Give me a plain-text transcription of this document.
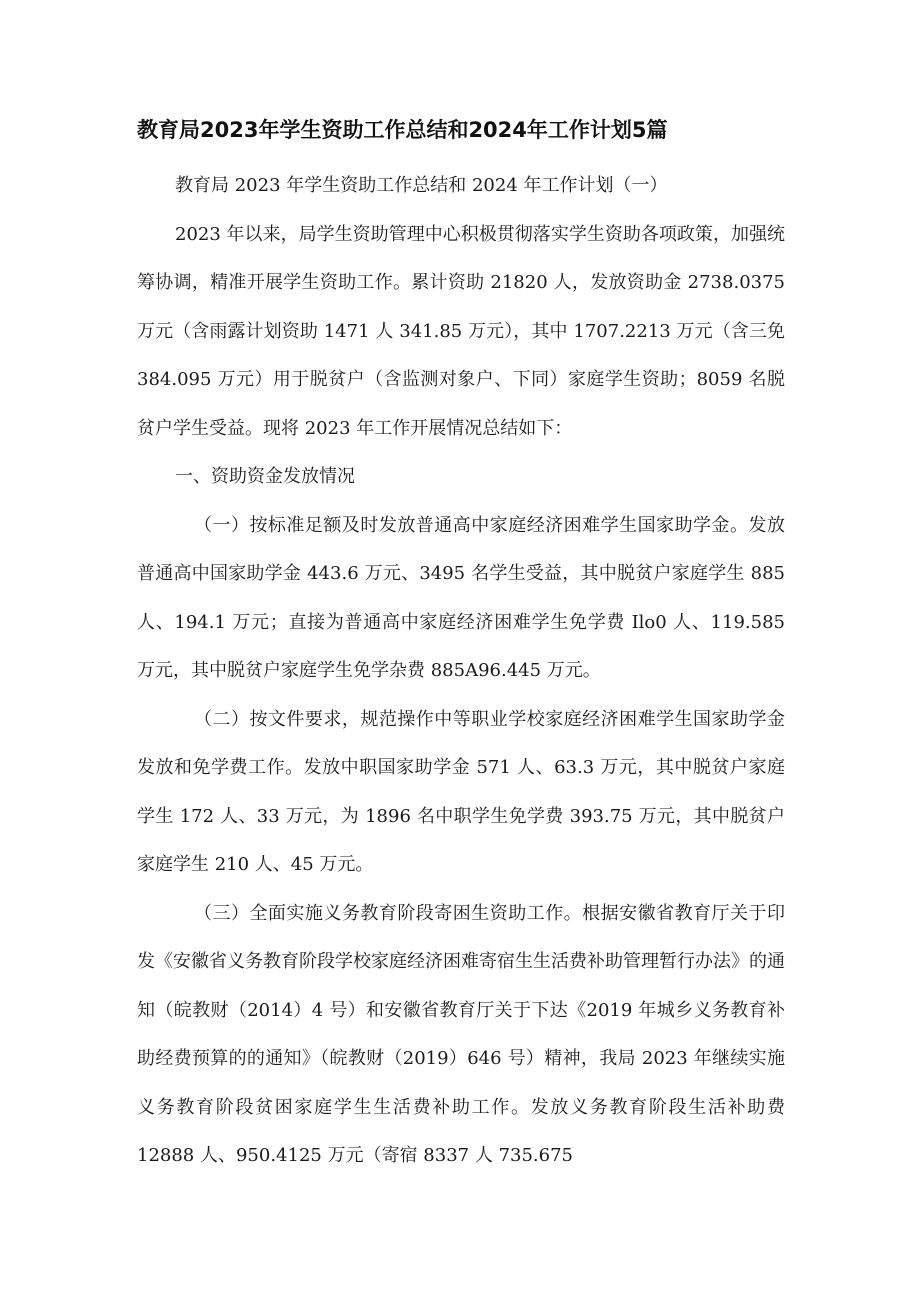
教育局2023年学生资助工作总结和2024年工作计划5篇

教育局 2023 年学生资助工作总结和 2024 年工作计划（一）

2023 年以来，局学生资助管理中心积极贯彻落实学生资助各项政策，加强统筹协调，精准开展学生资助工作。累计资助 21820 人，发放资助金 2738.0375 万元（含雨露计划资助 1471 人 341.85 万元），其中 1707.2213 万元（含三免 384.095 万元）用于脱贫户（含监测对象户、下同）家庭学生资助；8059 名脱贫户学生受益。现将 2023 年工作开展情况总结如下：

一、资助资金发放情况

（一）按标准足额及时发放普通高中家庭经济困难学生国家助学金。发放普通高中国家助学金 443.6 万元、3495 名学生受益，其中脱贫户家庭学生 885 人、194.1 万元；直接为普通高中家庭经济困难学生免学费 Ilo0 人、119.585 万元，其中脱贫户家庭学生免学杂费 885A96.445 万元。

（二）按文件要求，规范操作中等职业学校家庭经济困难学生国家助学金发放和免学费工作。发放中职国家助学金 571 人、63.3 万元，其中脱贫户家庭学生 172 人、33 万元，为 1896 名中职学生免学费 393.75 万元，其中脱贫户家庭学生 210 人、45 万元。

（三）全面实施义务教育阶段寄困生资助工作。根据安徽省教育厅关于印发《安徽省义务教育阶段学校家庭经济困难寄宿生生活费补助管理暂行办法》的通知（皖教财（2014）4 号）和安徽省教育厅关于下达《2019 年城乡义务教育补助经费预算的的通知》（皖教财（2019）646 号）精神，我局 2023 年继续实施义务教育阶段贫困家庭学生生活费补助工作。发放义务教育阶段生活补助费 12888 人、950.4125 万元（寄宿 8337 人 735.675
